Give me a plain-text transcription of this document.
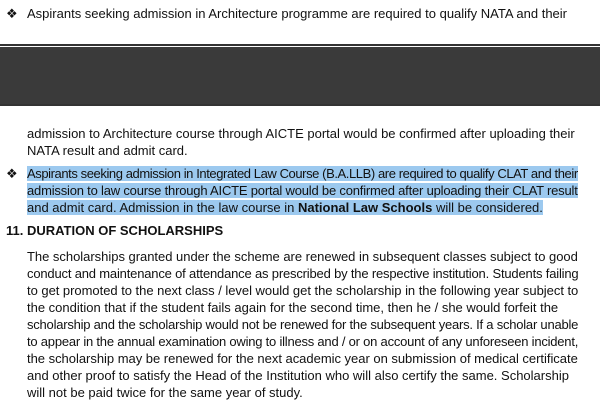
❖ Aspirants seeking admission in Architecture programme are required to qualify NATA and their
admission to Architecture course through AICTE portal would be confirmed after uploading their
NATA result and admit card.
❖ Aspirants seeking admission in Integrated Law Course (B.A.LLB) are required to qualify CLAT and their
admission to law course through AICTE portal would be confirmed after uploading their CLAT result
and admit card. Admission in the law course in National Law Schools will be considered.
11. DURATION OF SCHOLARSHIPS
The scholarships granted under the scheme are renewed in subsequent classes subject to good
conduct and maintenance of attendance as prescribed by the respective institution. Students failing
to get promoted to the next class / level would get the scholarship in the following year subject to
the condition that if the student fails again for the second time, then he / she would forfeit the
scholarship and the scholarship would not be renewed for the subsequent years. If a scholar unable
to appear in the annual examination owing to illness and / or on account of any unforeseen incident,
the scholarship may be renewed for the next academic year on submission of medical certificate
and other proof to satisfy the Head of the Institution who will also certify the same. Scholarship
will not be paid twice for the same year of study.
